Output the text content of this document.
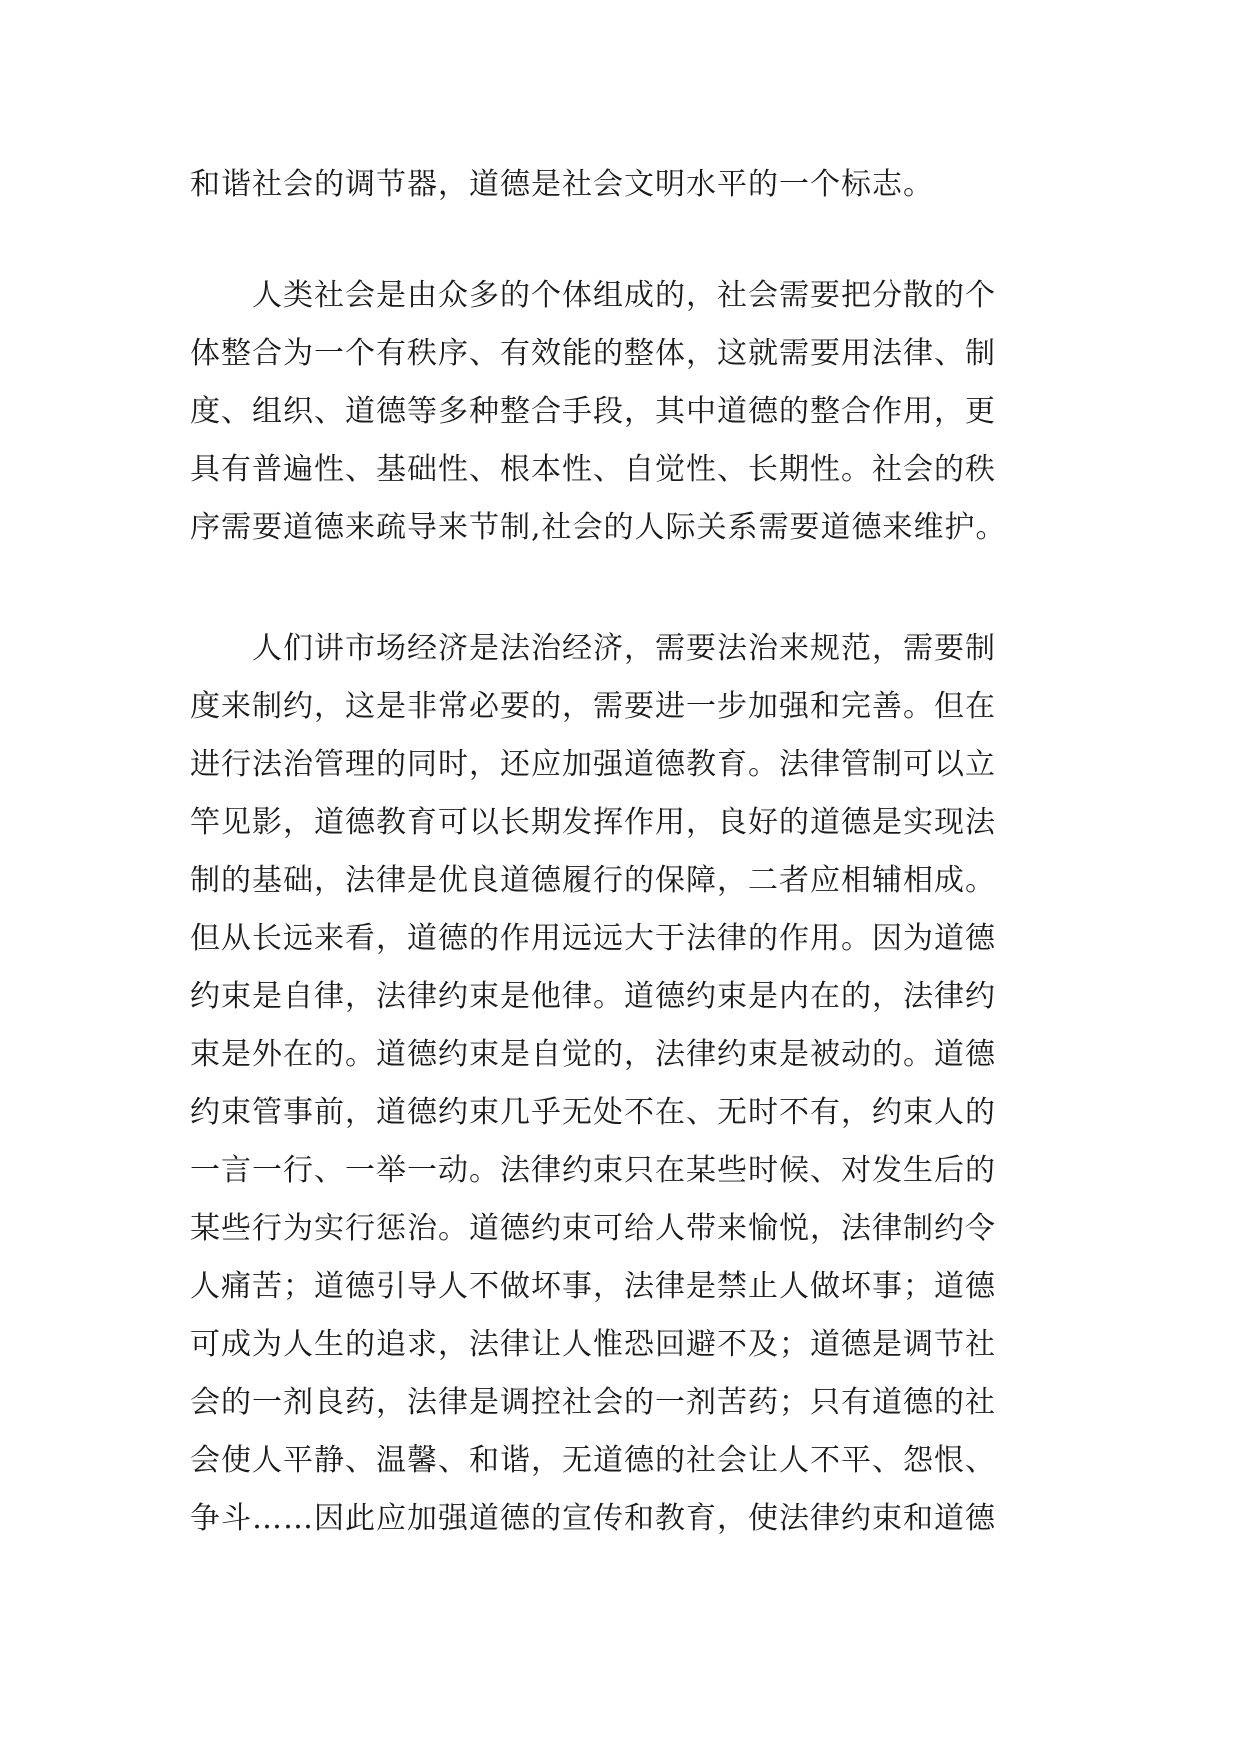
和谐社会的调节器，道德是社会文明水平的一个标志。
　　人类社会是由众多的个体组成的，社会需要把分散的个
体整合为一个有秩序、有效能的整体，这就需要用法律、制
度、组织、道德等多种整合手段，其中道德的整合作用，更
具有普遍性、基础性、根本性、自觉性、长期性。社会的秩
序需要道德来疏导来节制,社会的人际关系需要道德来维护。
　　人们讲市场经济是法治经济，需要法治来规范，需要制
度来制约，这是非常必要的，需要进一步加强和完善。但在
进行法治管理的同时，还应加强道德教育。法律管制可以立
竿见影，道德教育可以长期发挥作用，良好的道德是实现法
制的基础，法律是优良道德履行的保障，二者应相辅相成。
但从长远来看，道德的作用远远大于法律的作用。因为道德
约束是自律，法律约束是他律。道德约束是内在的，法律约
束是外在的。道德约束是自觉的，法律约束是被动的。道德
约束管事前，道德约束几乎无处不在、无时不有，约束人的
一言一行、一举一动。法律约束只在某些时候、对发生后的
某些行为实行惩治。道德约束可给人带来愉悦，法律制约令
人痛苦；道德引导人不做坏事，法律是禁止人做坏事；道德
可成为人生的追求，法律让人惟恐回避不及；道德是调节社
会的一剂良药，法律是调控社会的一剂苦药；只有道德的社
会使人平静、温馨、和谐，无道德的社会让人不平、怨恨、
争斗……因此应加强道德的宣传和教育，使法律约束和道德
